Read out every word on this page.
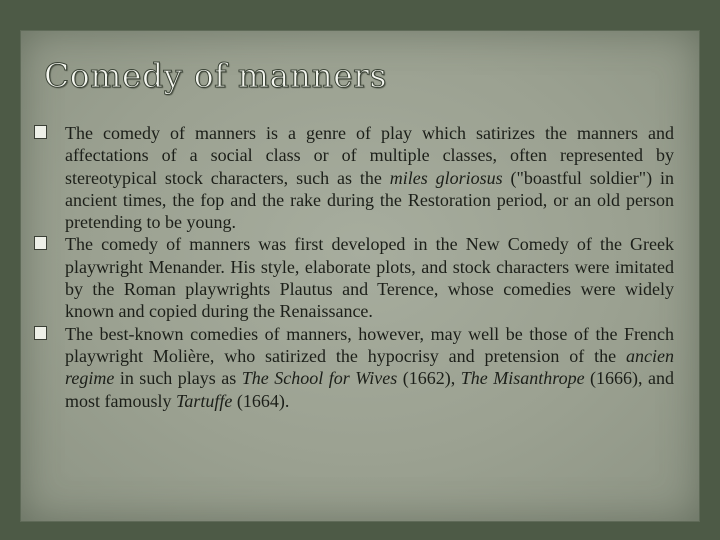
Comedy of manners

The comedy of manners is a genre of play which satirizes the manners and affectations of a social class or of multiple classes, often represented by stereotypical stock characters, such as the miles gloriosus ("boastful soldier") in ancient times, the fop and the rake during the Restoration period, or an old person pretending to be young.

The comedy of manners was first developed in the New Comedy of the Greek playwright Menander. His style, elaborate plots, and stock characters were imitated by the Roman playwrights Plautus and Terence, whose comedies were widely known and copied during the Renaissance.

The best-known comedies of manners, however, may well be those of the French playwright Molière, who satirized the hypocrisy and pretension of the ancien regime in such plays as The School for Wives (1662), The Misanthrope (1666), and most famously Tartuffe (1664).
